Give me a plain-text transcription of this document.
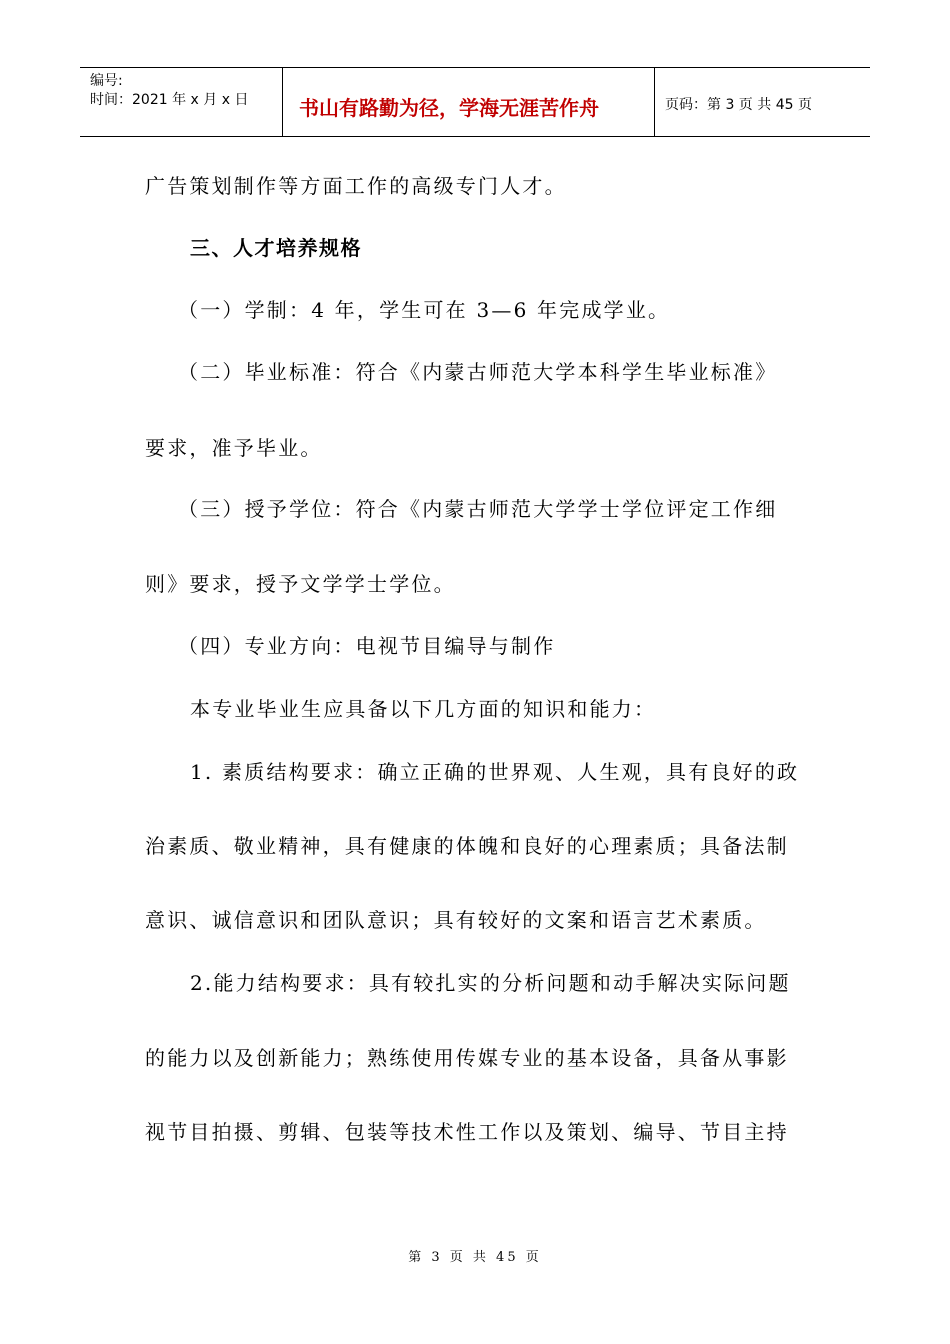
编号:
时间：2021 年 x 月 x 日	书山有路勤为径，学海无涯苦作舟	页码：第 3 页 共 45 页
广告策划制作等方面工作的高级专门人才。
三、人才培养规格
（一）学制：4 年，学生可在 3—6 年完成学业。
（二）毕业标准：符合《内蒙古师范大学本科学生毕业标准》
要求，准予毕业。
（三）授予学位：符合《内蒙古师范大学学士学位评定工作细
则》要求，授予文学学士学位。
（四）专业方向：电视节目编导与制作
本专业毕业生应具备以下几方面的知识和能力：
1. 素质结构要求：确立正确的世界观、人生观，具有良好的政
治素质、敬业精神，具有健康的体魄和良好的心理素质；具备法制
意识、诚信意识和团队意识；具有较好的文案和语言艺术素质。
2.能力结构要求：具有较扎实的分析问题和动手解决实际问题
的能力以及创新能力；熟练使用传媒专业的基本设备，具备从事影
视节目拍摄、剪辑、包装等技术性工作以及策划、编导、节目主持
第 3 页 共 45 页
